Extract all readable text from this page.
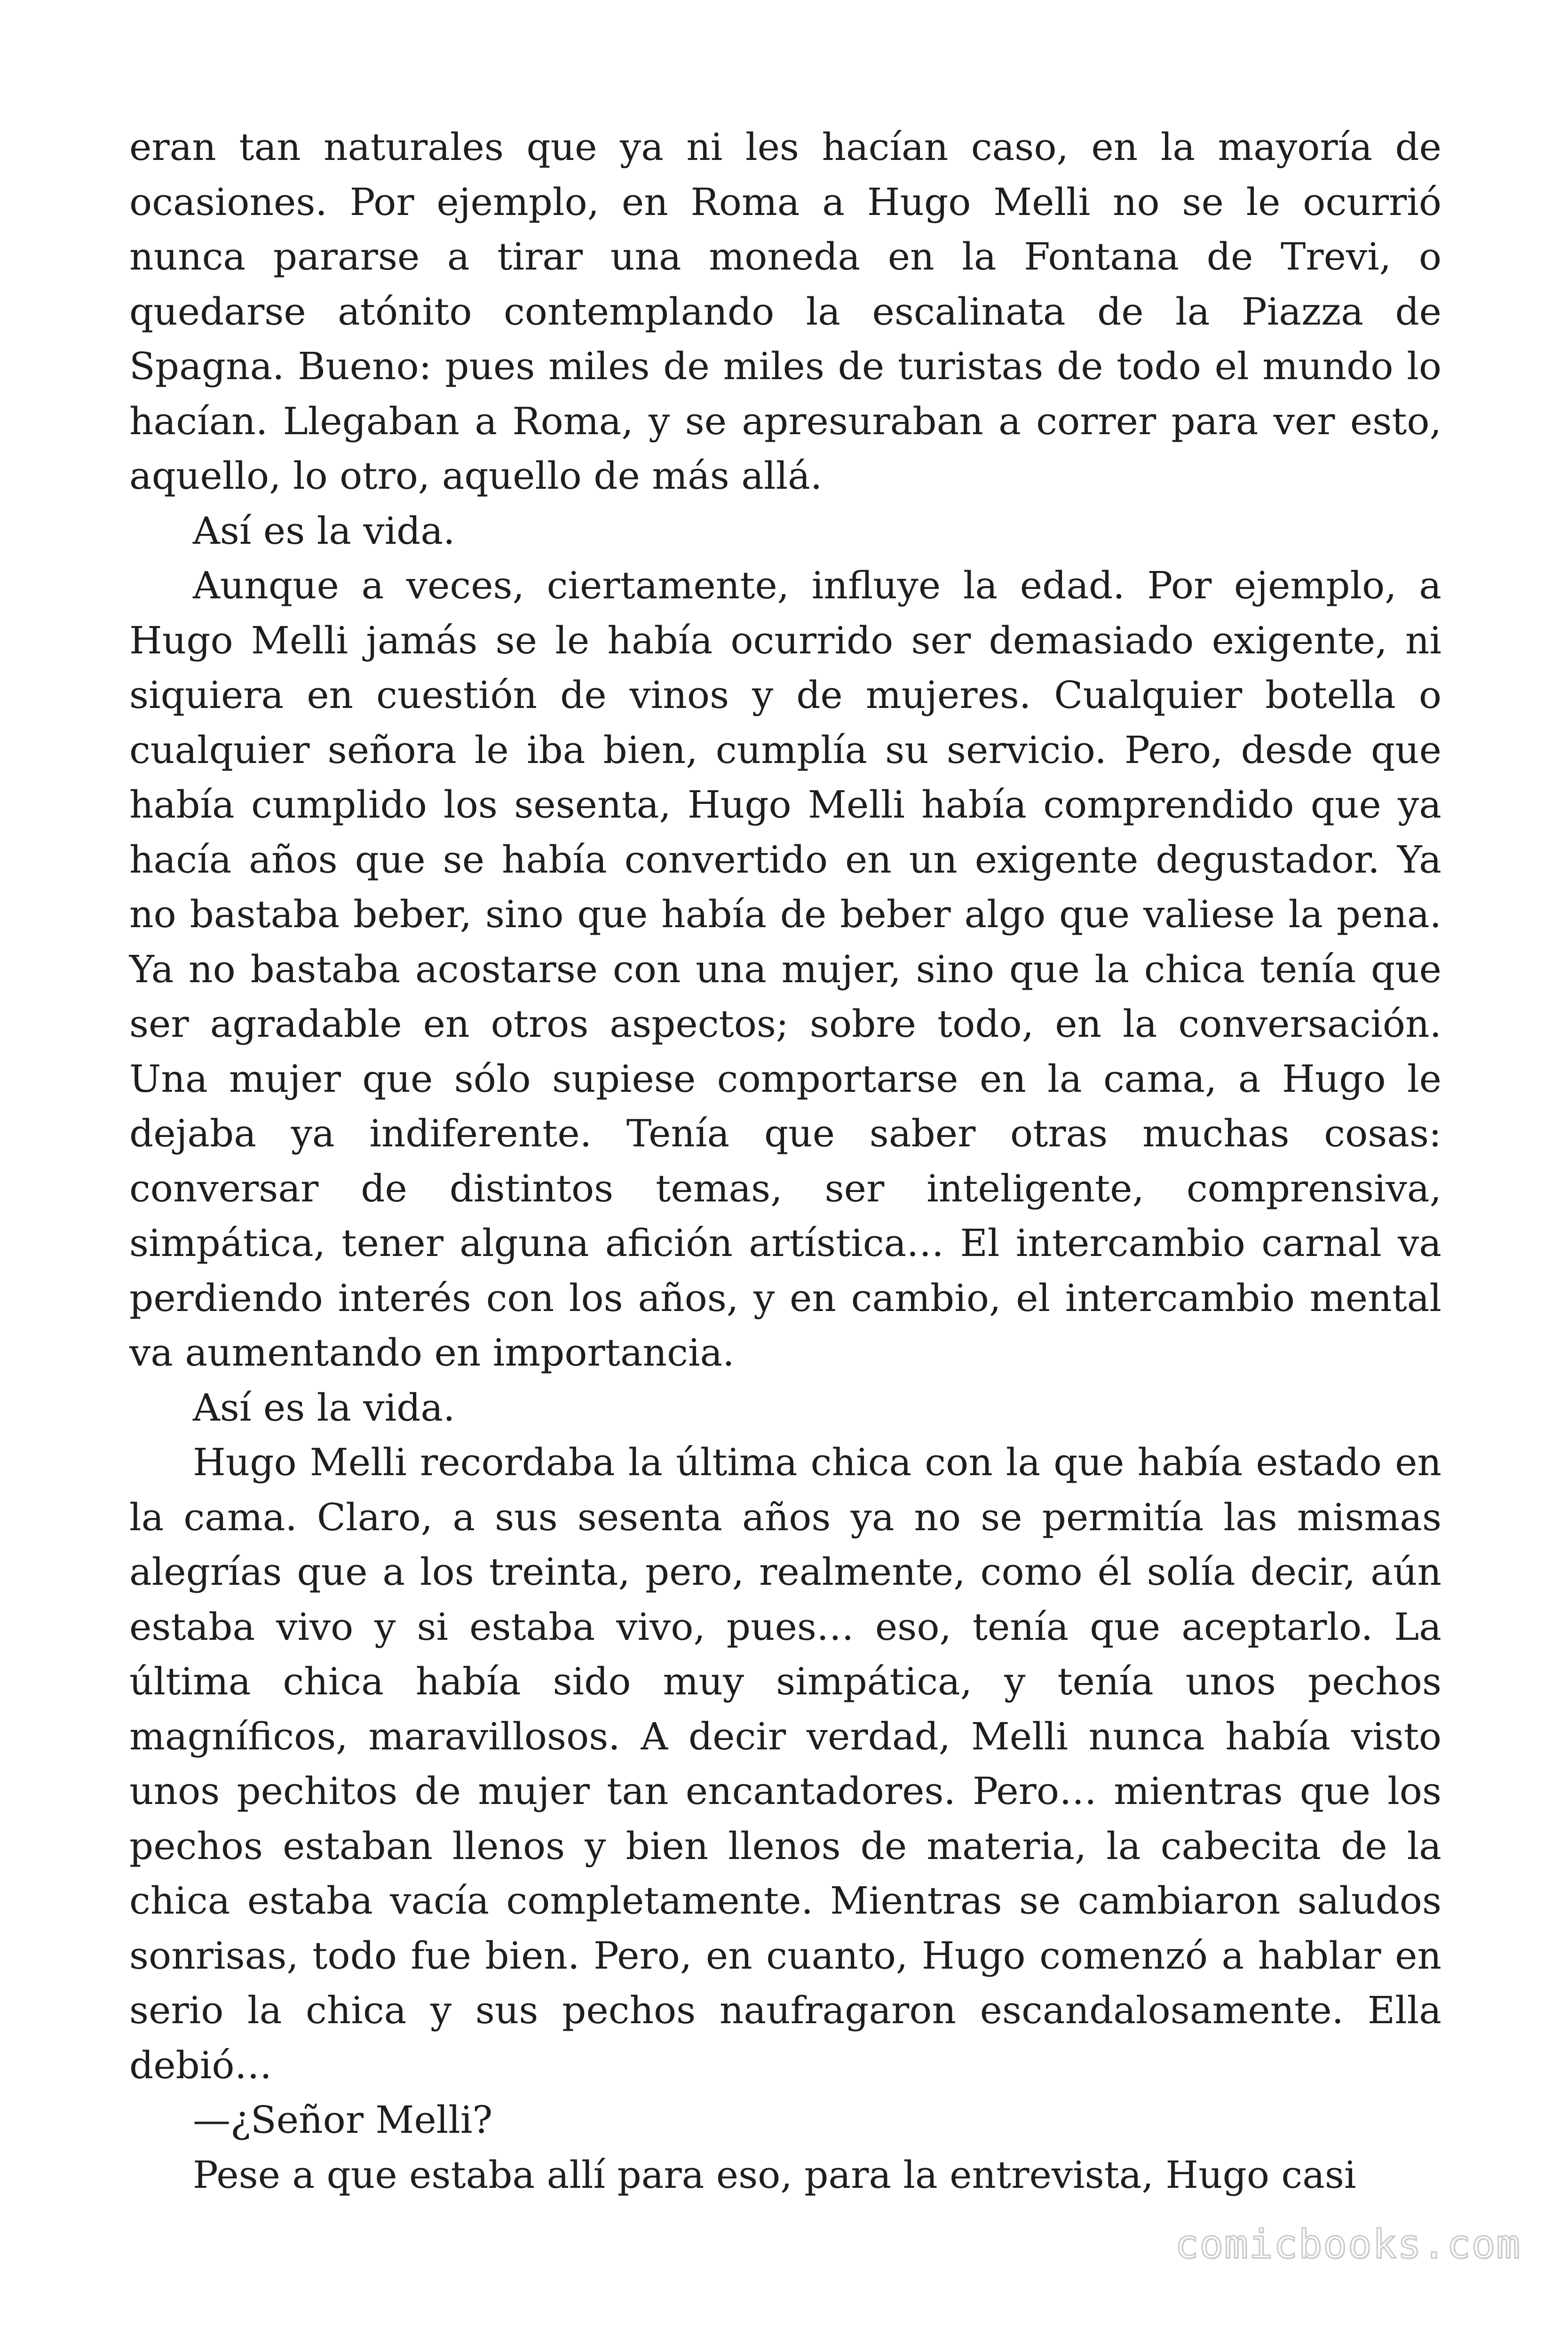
eran tan naturales que ya ni les hacían caso, en la mayoría de ocasiones. Por ejemplo, en Roma a Hugo Melli no se le ocurrió nunca pararse a tirar una moneda en la Fontana de Trevi, o quedarse atónito contemplando la escalinata de la Piazza de Spagna. Bueno: pues miles de miles de turistas de todo el mundo lo hacían. Llegaban a Roma, y se apresuraban a correr para ver esto, aquello, lo otro, aquello de más allá.

Así es la vida.

Aunque a veces, ciertamente, influye la edad. Por ejemplo, a Hugo Melli jamás se le había ocurrido ser demasiado exigente, ni siquiera en cuestión de vinos y de mujeres. Cualquier botella o cualquier señora le iba bien, cumplía su servicio. Pero, desde que había cumplido los sesenta, Hugo Melli había comprendido que ya hacía años que se había convertido en un exigente degustador. Ya no bastaba beber, sino que había de beber algo que valiese la pena. Ya no bastaba acostarse con una mujer, sino que la chica tenía que ser agradable en otros aspectos; sobre todo, en la conversación. Una mujer que sólo supiese comportarse en la cama, a Hugo le dejaba ya indiferente. Tenía que saber otras muchas cosas: conversar de distintos temas, ser inteligente, comprensiva, simpática, tener alguna afición artística… El intercambio carnal va perdiendo interés con los años, y en cambio, el intercambio mental va aumentando en importancia.

Así es la vida.

Hugo Melli recordaba la última chica con la que había estado en la cama. Claro, a sus sesenta años ya no se permitía las mismas alegrías que a los treinta, pero, realmente, como él solía decir, aún estaba vivo y si estaba vivo, pues… eso, tenía que aceptarlo. La última chica había sido muy simpática, y tenía unos pechos magníficos, maravillosos. A decir verdad, Melli nunca había visto unos pechitos de mujer tan encantadores. Pero… mientras que los pechos estaban llenos y bien llenos de materia, la cabecita de la chica estaba vacía completamente. Mientras se cambiaron saludos sonrisas, todo fue bien. Pero, en cuanto, Hugo comenzó a hablar en serio la chica y sus pechos naufragaron escandalosamente. Ella debió…

—¿Señor Melli?

Pese a que estaba allí para eso, para la entrevista, Hugo casi

comicbooks.com
